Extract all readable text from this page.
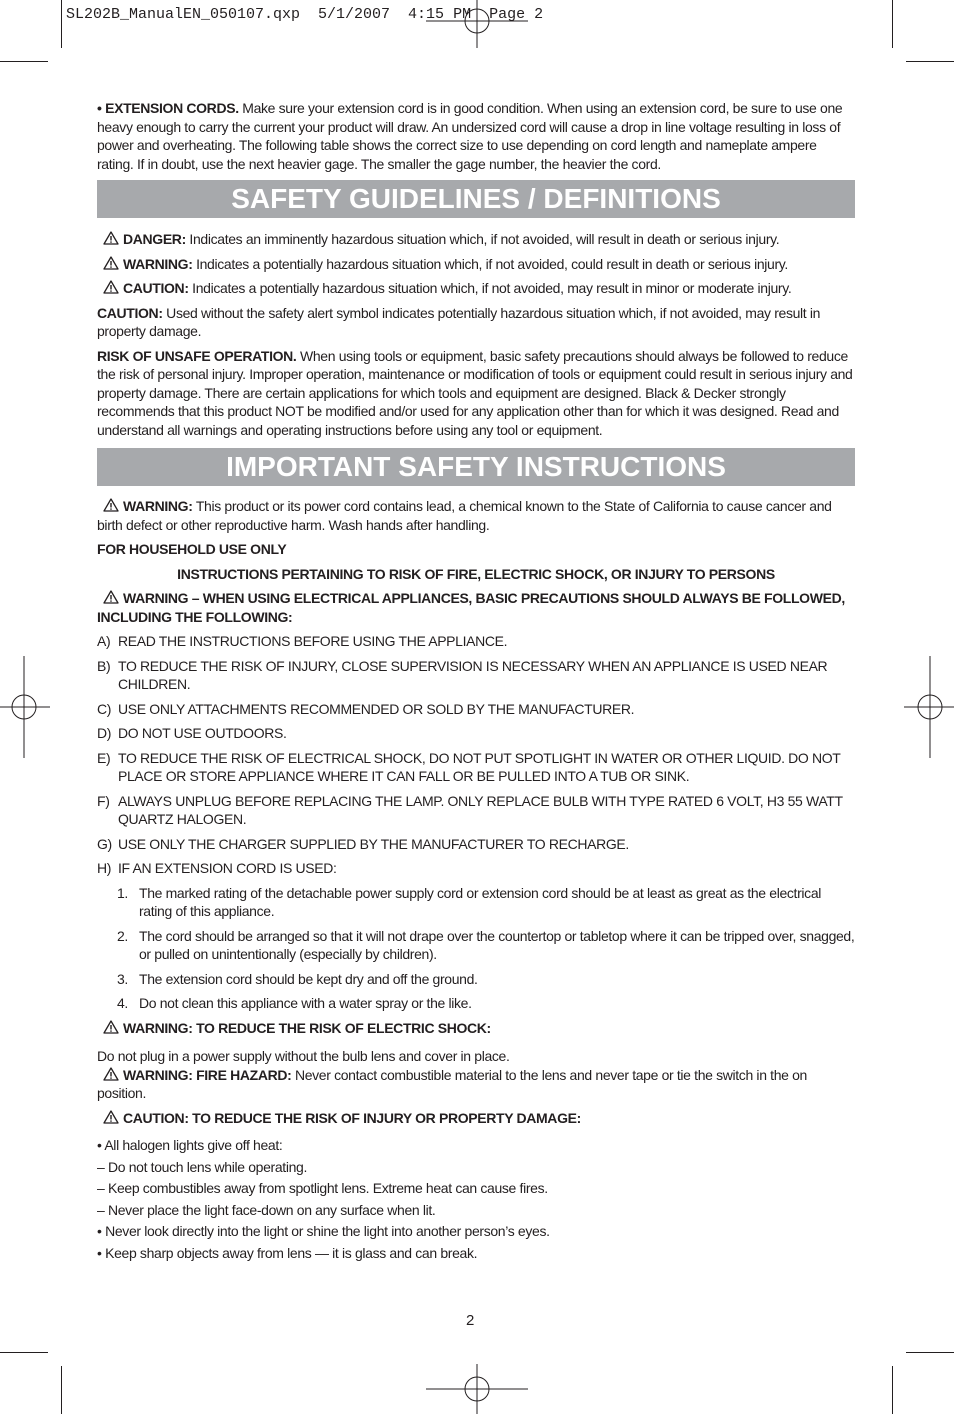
SL202B_ManualEN_050107.qxp  5/1/2007  4:15 PM  Page 2

• EXTENSION CORDS. Make sure your extension cord is in good condition. When using an extension cord, be sure to use one heavy enough to carry the current your product will draw. An undersized cord will cause a drop in line voltage resulting in loss of power and overheating. The following table shows the correct size to use depending on cord length and nameplate ampere rating. If in doubt, use the next heavier gage. The smaller the gage number, the heavier the cord.

SAFETY GUIDELINES / DEFINITIONS

DANGER: Indicates an imminently hazardous situation which, if not avoided, will result in death or serious injury.

WARNING: Indicates a potentially hazardous situation which, if not avoided, could result in death or serious injury.

CAUTION: Indicates a potentially hazardous situation which, if not avoided, may result in minor or moderate injury.

CAUTION: Used without the safety alert symbol indicates potentially hazardous situation which, if not avoided, may result in property damage.

RISK OF UNSAFE OPERATION. When using tools or equipment, basic safety precautions should always be followed to reduce the risk of personal injury. Improper operation, maintenance or modification of tools or equipment could result in serious injury and property damage. There are certain applications for which tools and equipment are designed. Black & Decker strongly recommends that this product NOT be modified and/or used for any application other than for which it was designed. Read and understand all warnings and operating instructions before using any tool or equipment.

IMPORTANT SAFETY INSTRUCTIONS

WARNING: This product or its power cord contains lead, a chemical known to the State of California to cause cancer and birth defect or other reproductive harm. Wash hands after handling.

FOR HOUSEHOLD USE ONLY

INSTRUCTIONS PERTAINING TO RISK OF FIRE, ELECTRIC SHOCK, OR INJURY TO PERSONS

WARNING – WHEN USING ELECTRICAL APPLIANCES, BASIC PRECAUTIONS SHOULD ALWAYS BE FOLLOWED, INCLUDING THE FOLLOWING:

A) READ THE INSTRUCTIONS BEFORE USING THE APPLIANCE.
B) TO REDUCE THE RISK OF INJURY, CLOSE SUPERVISION IS NECESSARY WHEN AN APPLIANCE IS USED NEAR CHILDREN.
C) USE ONLY ATTACHMENTS RECOMMENDED OR SOLD BY THE MANUFACTURER.
D) DO NOT USE OUTDOORS.
E) TO REDUCE THE RISK OF ELECTRICAL SHOCK, DO NOT PUT SPOTLIGHT IN WATER OR OTHER LIQUID. DO NOT PLACE OR STORE APPLIANCE WHERE IT CAN FALL OR BE PULLED INTO A TUB OR SINK.
F) ALWAYS UNPLUG BEFORE REPLACING THE LAMP. ONLY REPLACE BULB WITH TYPE RATED 6 VOLT, H3 55 WATT QUARTZ HALOGEN.
G) USE ONLY THE CHARGER SUPPLIED BY THE MANUFACTURER TO RECHARGE.
H) IF AN EXTENSION CORD IS USED:
1. The marked rating of the detachable power supply cord or extension cord should be at least as great as the electrical rating of this appliance.
2. The cord should be arranged so that it will not drape over the countertop or tabletop where it can be tripped over, snagged, or pulled on unintentionally (especially by children).
3. The extension cord should be kept dry and off the ground.
4. Do not clean this appliance with a water spray or the like.

WARNING: TO REDUCE THE RISK OF ELECTRIC SHOCK:

Do not plug in a power supply without the bulb lens and cover in place.

WARNING: FIRE HAZARD: Never contact combustible material to the lens and never tape or tie the switch in the on position.

CAUTION: TO REDUCE THE RISK OF INJURY OR PROPERTY DAMAGE:

• All halogen lights give off heat:
– Do not touch lens while operating.
– Keep combustibles away from spotlight lens. Extreme heat can cause fires.
– Never place the light face-down on any surface when lit.
• Never look directly into the light or shine the light into another person’s eyes.
• Keep sharp objects away from lens — it is glass and can break.
2
